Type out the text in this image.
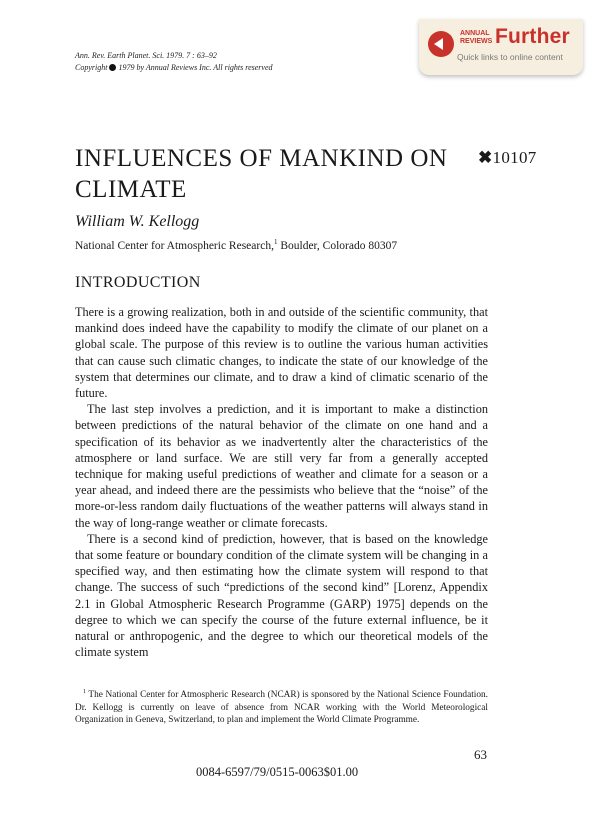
Ann. Rev. Earth Planet. Sci. 1979. 7 : 63–92
Copyright 1979 by Annual Reviews Inc. All rights reserved
ANNUAL
REVIEWS Further
Quick links to online content
INFLUENCES OF MANKIND ON CLIMATE
✖10107
William W. Kellogg
National Center for Atmospheric Research,$^1$ Boulder, Colorado 80307
INTRODUCTION

There is a growing realization, both in and outside of the scientific community, that mankind does indeed have the capability to modify the climate of our planet on a global scale. The purpose of this review is to outline the various human activities that can cause such climatic changes, to indicate the state of our knowledge of the system that determines our climate, and to draw a kind of climatic scenario of the future.

The last step involves a prediction, and it is important to make a distinction between predictions of the natural behavior of the climate on one hand and a specification of its behavior as we inadvertently alter the characteristics of the atmosphere or land surface. We are still very far from a generally accepted technique for making useful predictions of weather and climate for a season or a year ahead, and indeed there are the pessimists who believe that the “noise” of the more-or-less random daily fluctuations of the weather patterns will always stand in the way of long-range weather or climate forecasts.

There is a second kind of prediction, however, that is based on the knowledge that some feature or boundary condition of the climate system will be changing in a specified way, and then estimating how the climate system will respond to that change. The success of such “predictions of the second kind” [Lorenz, Appendix 2.1 in Global Atmospheric Research Programme (GARP) 1975] depends on the degree to which we can specify the course of the future external influence, be it natural or anthropogenic, and the degree to which our theoretical models of the climate system

$^1$ The National Center for Atmospheric Research (NCAR) is sponsored by the National Science Foundation. Dr. Kellogg is currently on leave of absence from NCAR working with the World Meteorological Organization in Geneva, Switzerland, to plan and implement the World Climate Programme.

63
0084-6597/79/0515-0063$01.00
